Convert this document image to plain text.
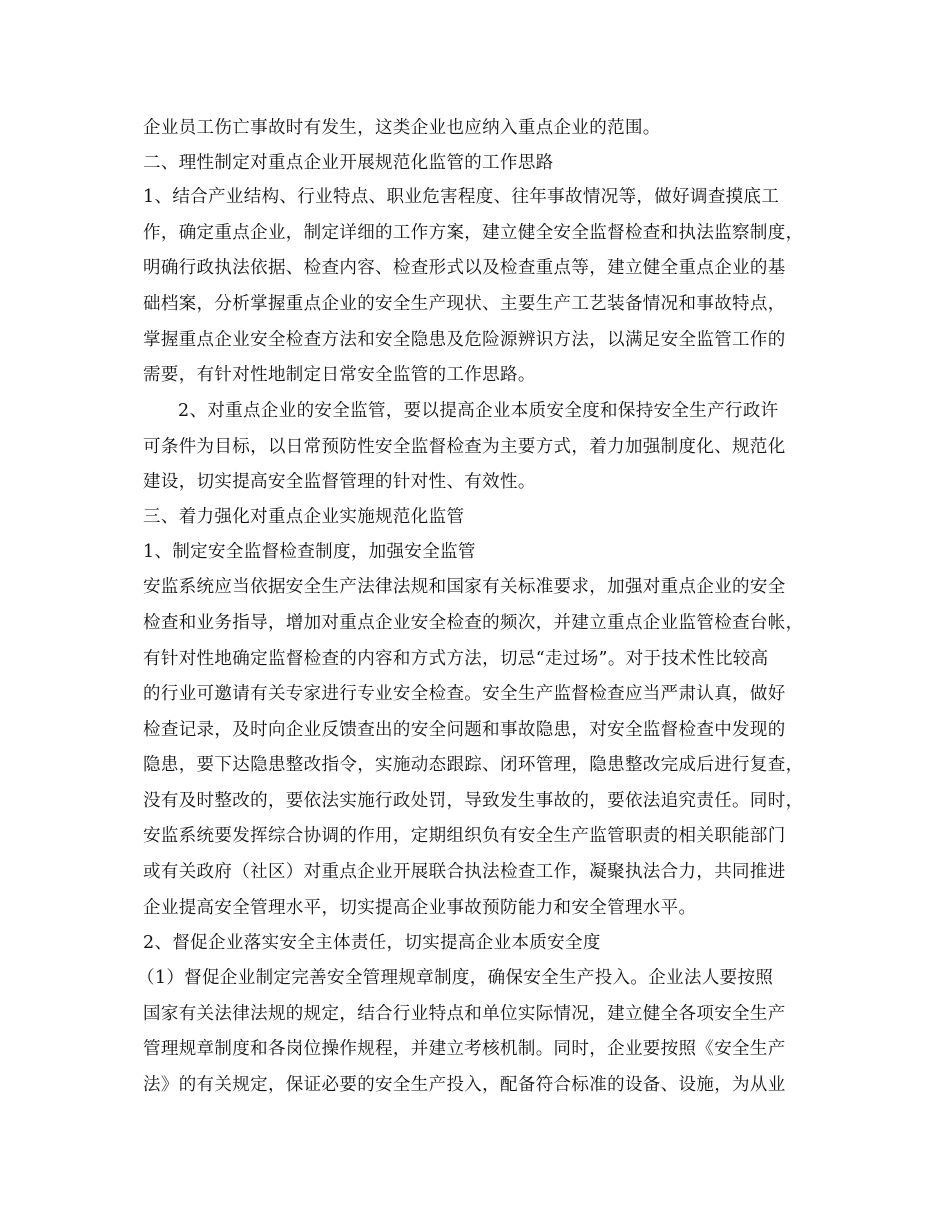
企业员工伤亡事故时有发生，这类企业也应纳入重点企业的范围。
二、理性制定对重点企业开展规范化监管的工作思路
1、结合产业结构、行业特点、职业危害程度、往年事故情况等，做好调查摸底工
作，确定重点企业，制定详细的工作方案，建立健全安全监督检查和执法监察制度，
明确行政执法依据、检查内容、检查形式以及检查重点等，建立健全重点企业的基
础档案，分析掌握重点企业的安全生产现状、主要生产工艺装备情况和事故特点，
掌握重点企业安全检查方法和安全隐患及危险源辨识方法，以满足安全监管工作的
需要，有针对性地制定日常安全监管的工作思路。
2、对重点企业的安全监管，要以提高企业本质安全度和保持安全生产行政许
可条件为目标，以日常预防性安全监督检查为主要方式，着力加强制度化、规范化
建设，切实提高安全监督管理的针对性、有效性。
三、着力强化对重点企业实施规范化监管
1、制定安全监督检查制度，加强安全监管
安监系统应当依据安全生产法律法规和国家有关标准要求，加强对重点企业的安全
检查和业务指导，增加对重点企业安全检查的频次，并建立重点企业监管检查台帐，
有针对性地确定监督检查的内容和方式方法，切忌“走过场”。对于技术性比较高
的行业可邀请有关专家进行专业安全检查。安全生产监督检查应当严肃认真，做好
检查记录，及时向企业反馈查出的安全问题和事故隐患，对安全监督检查中发现的
隐患，要下达隐患整改指令，实施动态跟踪、闭环管理，隐患整改完成后进行复查，
没有及时整改的，要依法实施行政处罚，导致发生事故的，要依法追究责任。同时，
安监系统要发挥综合协调的作用，定期组织负有安全生产监管职责的相关职能部门
或有关政府（社区）对重点企业开展联合执法检查工作，凝聚执法合力，共同推进
企业提高安全管理水平，切实提高企业事故预防能力和安全管理水平。
2、督促企业落实安全主体责任，切实提高企业本质安全度
（1）督促企业制定完善安全管理规章制度，确保安全生产投入。企业法人要按照
国家有关法律法规的规定，结合行业特点和单位实际情况，建立健全各项安全生产
管理规章制度和各岗位操作规程，并建立考核机制。同时，企业要按照《安全生产
法》的有关规定，保证必要的安全生产投入，配备符合标准的设备、设施，为从业
